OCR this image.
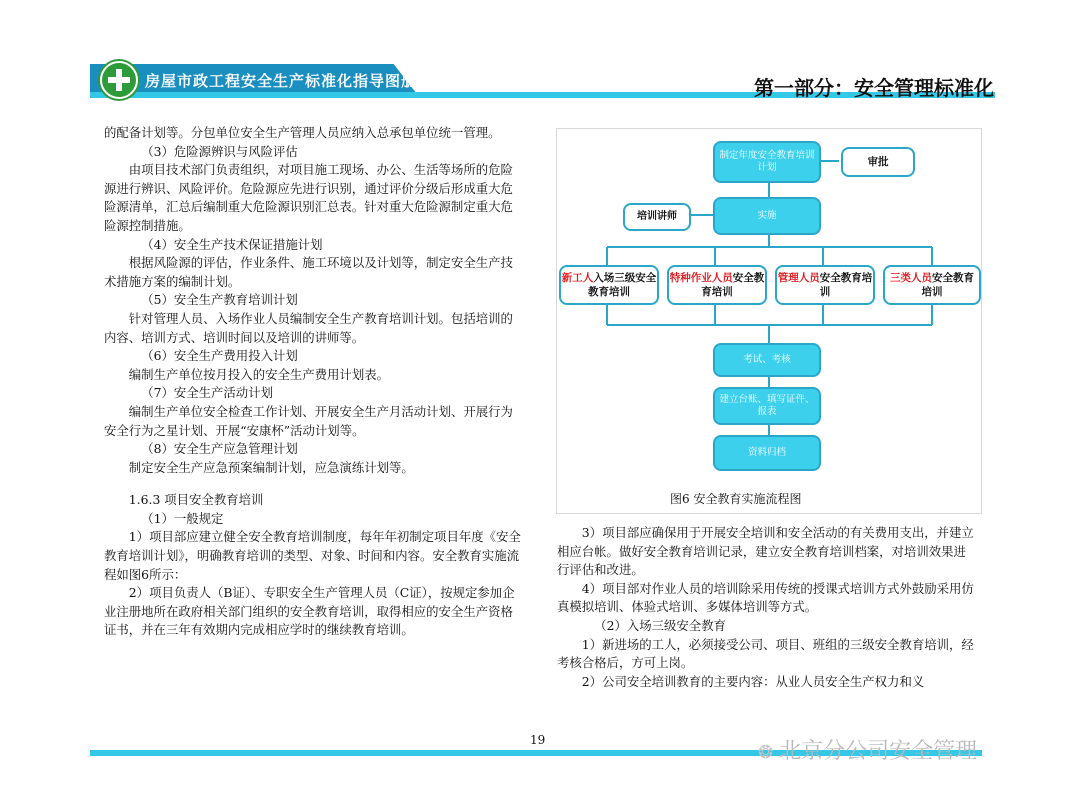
房屋市政工程安全生产标准化指导图册	第一部分：安全管理标准化

的配备计划等。分包单位安全生产管理人员应纳入总承包单位统一管理。

（3）危险源辨识与风险评估

由项目技术部门负责组织，对项目施工现场、办公、生活等场所的危险源进行辨识、风险评价。危险源应先进行识别，通过评价分级后形成重大危险源清单，汇总后编制重大危险源识别汇总表。针对重大危险源制定重大危险源控制措施。

（4）安全生产技术保证措施计划

根据风险源的评估，作业条件、施工环境以及计划等，制定安全生产技术措施方案的编制计划。

（5）安全生产教育培训计划

针对管理人员、入场作业人员编制安全生产教育培训计划。包括培训的内容、培训方式、培训时间以及培训的讲师等。

（6）安全生产费用投入计划

编制生产单位按月投入的安全生产费用计划表。

（7）安全生产活动计划

编制生产单位安全检查工作计划、开展安全生产月活动计划、开展行为安全行为之星计划、开展“安康杯”活动计划等。

（8）安全生产应急管理计划

制定安全生产应急预案编制计划，应急演练计划等。

1.6.3 项目安全教育培训

（1）一般规定

1）项目部应建立健全安全教育培训制度，每年年初制定项目年度《安全教育培训计划》，明确教育培训的类型、对象、时间和内容。安全教育实施流程如图6所示：

2）项目负责人（B证）、专职安全生产管理人员（C证），按规定参加企业注册地所在政府相关部门组织的安全教育培训，取得相应的安全生产资格证书，并在三年有效期内完成相应学时的继续教育培训。

制定年度安全教育培训计划	审批
培训讲师	实施
新工人入场三级安全教育培训
特种作业人员安全教育培训
管理人员安全教育培训
三类人员安全教育培训
考试、考核
建立台账、填写证件、报表
资料归档
图6 安全教育实施流程图

3）项目部应确保用于开展安全培训和安全活动的有关费用支出，并建立相应台帐。做好安全教育培训记录，建立安全教育培训档案，对培训效果进行评估和改进。

4）项目部对作业人员的培训除采用传统的授课式培训方式外鼓励采用仿真模拟培训、体验式培训、多媒体培训等方式。

（2）入场三级安全教育

1）新进场的工人，必须接受公司、项目、班组的三级安全教育培训，经考核合格后，方可上岗。

2）公司安全培训教育的主要内容：从业人员安全生产权力和义

19
❂ 北京分公司安全管理
